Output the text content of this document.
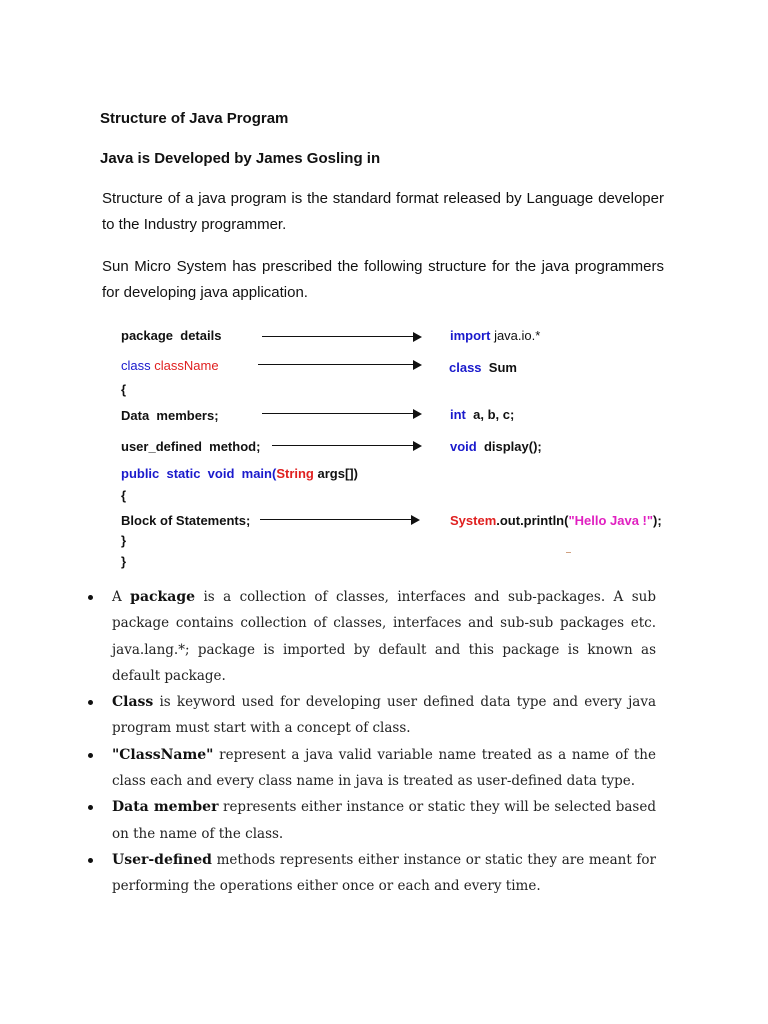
Structure of Java Program
Java is Developed by James Gosling in
Structure of a java program is the standard format released by Language developer to the Industry programmer.
Sun Micro System has prescribed the following structure for the java programmers for developing java application.
package  details
class className
{
Data  members;
user_defined  method;
public  static  void  main(String args[])
{
Block of Statements;
}
}
import java.io.*
class  Sum
int  a, b, c;
void  display();
System.out.println("Hello Java !");
A package is a collection of classes, interfaces and sub-packages. A sub package contains collection of classes, interfaces and sub-sub packages etc. java.lang.*; package is imported by default and this package is known as default package.
Class is keyword used for developing user defined data type and every java program must start with a concept of class.
"ClassName" represent a java valid variable name treated as a name of the class each and every class name in java is treated as user-defined data type.
Data member represents either instance or static they will be selected based on the name of the class.
User-defined methods represents either instance or static they are meant for performing the operations either once or each and every time.
